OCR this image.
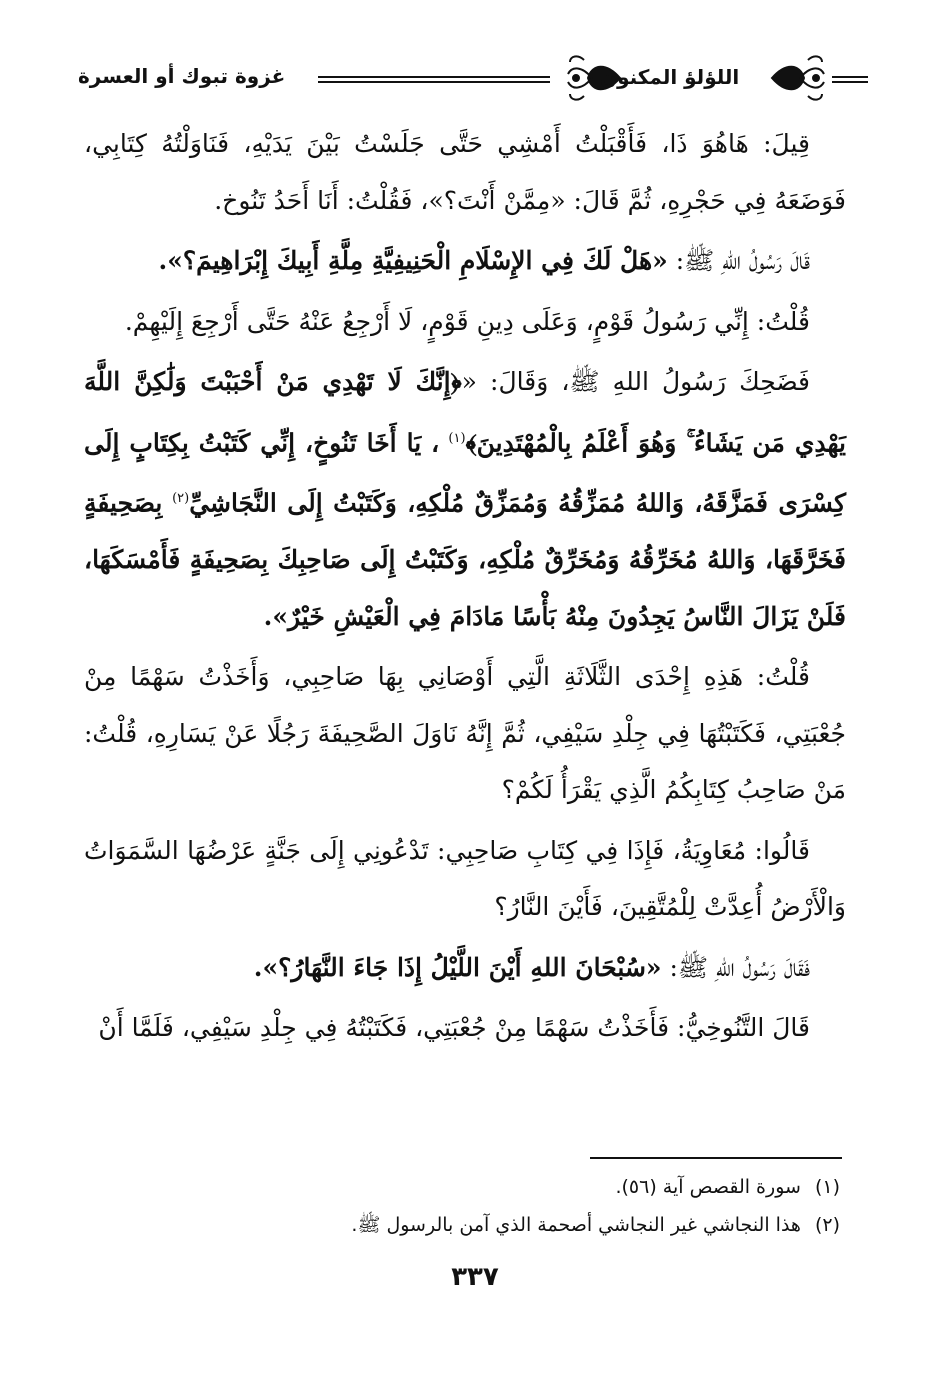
غزوة تبوك أو العسرة	اللؤلؤ المكنون

قِيلَ: هَاهُوَ ذَا، فَأَقْبَلْتُ أَمْشِي حَتَّى جَلَسْتُ بَيْنَ يَدَيْهِ، فَنَاوَلْتُهُ كِتَابِي، فَوَضَعَهُ فِي حَجْرِهِ، ثُمَّ قَالَ: «مِمَّنْ أَنْتَ؟»، فَقُلْتُ: أَنَا أَحَدُ تَنُوخ.

قَالَ رَسُولُ اللهِ ﷺ: «هَلْ لَكَ فِي الإِسْلَامِ الْحَنِيفِيَّةِ مِلَّةِ أَبِيكَ إِبْرَاهِيمَ؟».

قُلْتُ: إِنِّي رَسُولُ قَوْمٍ، وَعَلَى دِينِ قَوْمٍ، لَا أَرْجِعُ عَنْهُ حَتَّى أَرْجِعَ إِلَيْهِمْ.

فَضَحِكَ رَسُولُ اللهِ ﷺ، وَقَالَ: «﴿إِنَّكَ لَا تَهْدِي مَنْ أَحْبَبْتَ وَلَٰكِنَّ اللَّهَ يَهْدِي مَن يَشَاءُ ۚ وَهُوَ أَعْلَمُ بِالْمُهْتَدِينَ﴾$^{(١)}$ ، يَا أَخَا تَنُوخٍ، إِنِّي كَتَبْتُ بِكِتَابٍ إِلَى كِسْرَى فَمَزَّقَهُ، وَاللهُ مُمَزِّقُهُ وَمُمَزِّقٌ مُلْكِهِ، وَكَتَبْتُ إِلَى النَّجَاشِيِّ$^{(٢)}$ بِصَحِيفَةٍ فَخَرَّقَهَا، وَاللهُ مُخَرِّقُهُ وَمُخَرِّقٌ مُلْكِهِ، وَكَتَبْتُ إِلَى صَاحِبِكَ بِصَحِيفَةٍ فَأَمْسَكَهَا، فَلَنْ يَزَالَ النَّاسُ يَجِدُونَ مِنْهُ بَأْسًا مَادَامَ فِي الْعَيْشِ خَيْرٌ».

قُلْتُ: هَذِهِ إِحْدَى الثَّلَاثَةِ الَّتِي أَوْصَانِي بِهَا صَاحِبِي، وَأَخَذْتُ سَهْمًا مِنْ جُعْبَتِي، فَكَتَبْتُهَا فِي جِلْدِ سَيْفِي، ثُمَّ إِنَّهُ نَاوَلَ الصَّحِيفَةَ رَجُلًا عَنْ يَسَارِهِ، قُلْتُ: مَنْ صَاحِبُ كِتَابِكُمُ الَّذِي يَقْرَأُ لَكُمْ؟

قَالُوا: مُعَاوِيَةُ، فَإِذَا فِي كِتَابِ صَاحِبِي: تَدْعُونِي إِلَى جَنَّةٍ عَرْضُهَا السَّمَوَاتُ وَالْأَرْضُ أُعِدَّتْ لِلْمُتَّقِينَ، فَأَيْنَ النَّارُ؟

فَقَالَ رَسُولُ اللهِ ﷺ: «سُبْحَانَ اللهِ أَيْنَ اللَّيْلُ إِذَا جَاءَ النَّهَارُ؟».

قَالَ التَّنُوخِيُّ: فَأَخَذْتُ سَهْمًا مِنْ جُعْبَتِي، فَكَتَبْتُهُ فِي جِلْدِ سَيْفِي، فَلَمَّا أَنْ

(١)سورة القصص آية (٥٦).

(٢)هذا النجاشي غير النجاشي أصحمة الذي آمن بالرسول ﷺ.

٣٣٧
